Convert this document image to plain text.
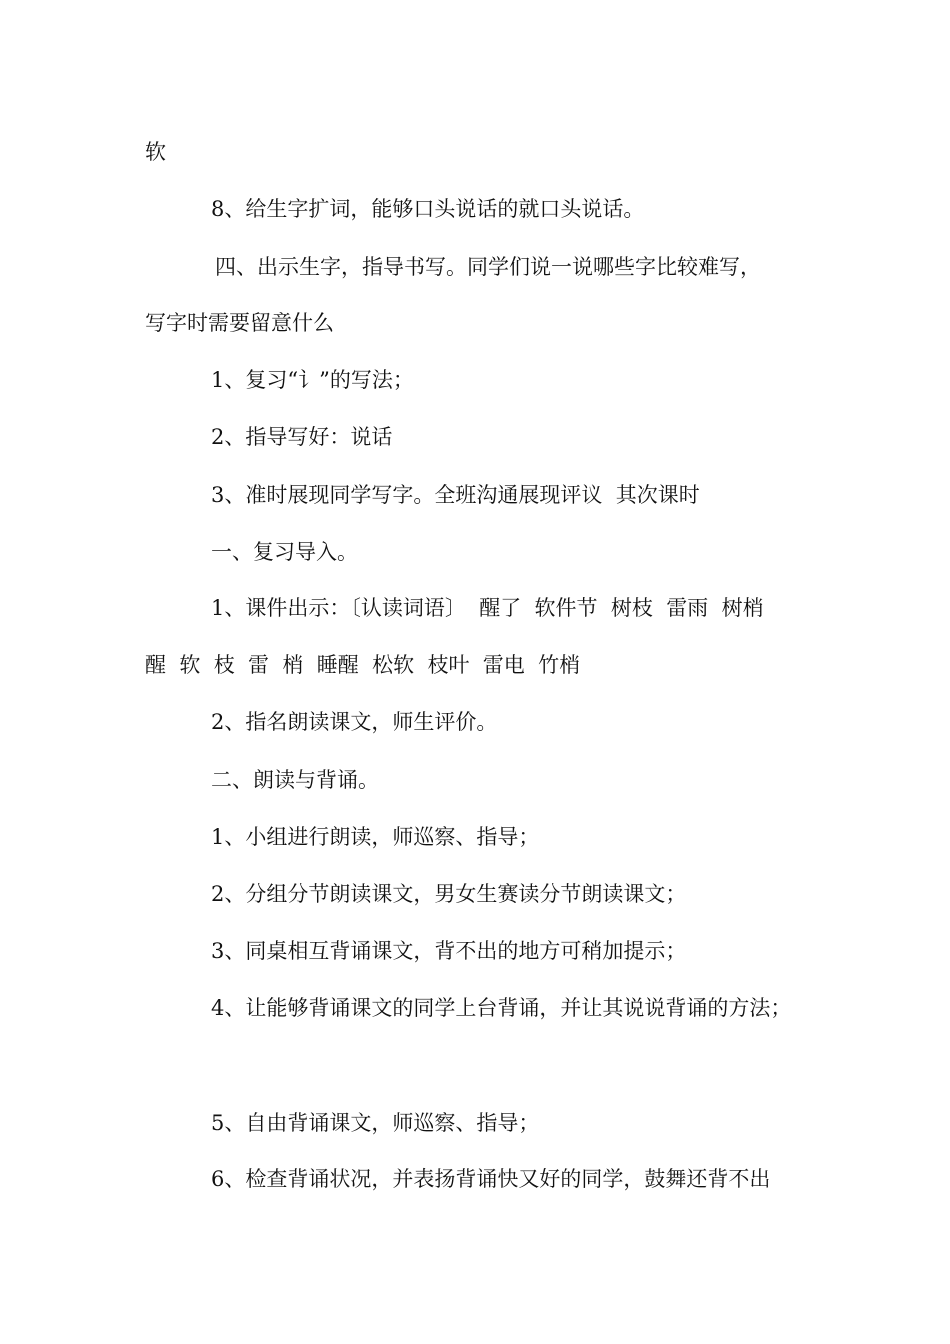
软
8、给生字扩词，能够口头说话的就口头说话。
四、出示生字，指导书写。同学们说一说哪些字比较难写，
写字时需要留意什么
1、复习“讠”的写法；
2、指导写好：说话
3、准时展现同学写字。全班沟通展现评议  其次课时
一、复习导入。
1、课件出示：〔认读词语〕  醒了  软件节  树枝  雷雨  树梢
醒  软  枝  雷  梢  睡醒  松软  枝叶  雷电  竹梢
2、指名朗读课文，师生评价。
二、朗读与背诵。
1、小组进行朗读，师巡察、指导；
2、分组分节朗读课文，男女生赛读分节朗读课文；
3、同桌相互背诵课文，背不出的地方可稍加提示；
4、让能够背诵课文的同学上台背诵，并让其说说背诵的方法；
5、自由背诵课文，师巡察、指导；
6、检查背诵状况，并表扬背诵快又好的同学，鼓舞还背不出
